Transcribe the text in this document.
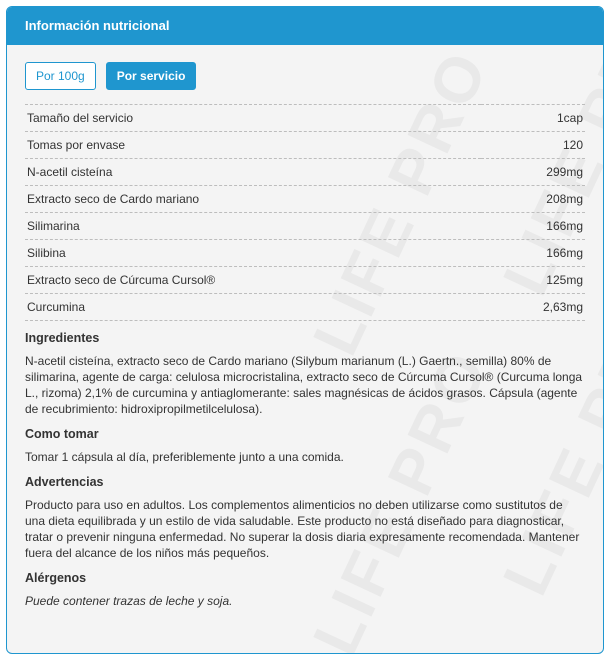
Información nutricional
Por 100g	Por servicio
Tamaño del servicio	1cap
Tomas por envase	120
N-acetil cisteína	299mg
Extracto seco de Cardo mariano	208mg
Silimarina	166mg
Silibina	166mg
Extracto seco de Cúrcuma Cursol®	125mg
Curcumina	2,63mg
Ingredientes

N-acetil cisteína, extracto seco de Cardo mariano (Silybum marianum (L.) Gaertn., semilla) 80% de silimarina, agente de carga: celulosa microcristalina, extracto seco de Cúrcuma Cursol® (Curcuma longa L., rizoma) 2,1% de curcumina y antiaglomerante: sales magnésicas de ácidos grasos. Cápsula (agente de recubrimiento: hidroxipropilmetilcelulosa).

Como tomar

Tomar 1 cápsula al día, preferiblemente junto a una comida.

Advertencias

Producto para uso en adultos. Los complementos alimenticios no deben utilizarse como sustitutos de una dieta equilibrada y un estilo de vida saludable. Este producto no está diseñado para diagnosticar, tratar o prevenir ninguna enfermedad. No superar la dosis diaria expresamente recomendada. Mantener fuera del alcance de los niños más pequeños.

Alérgenos

Puede contener trazas de leche y soja.
